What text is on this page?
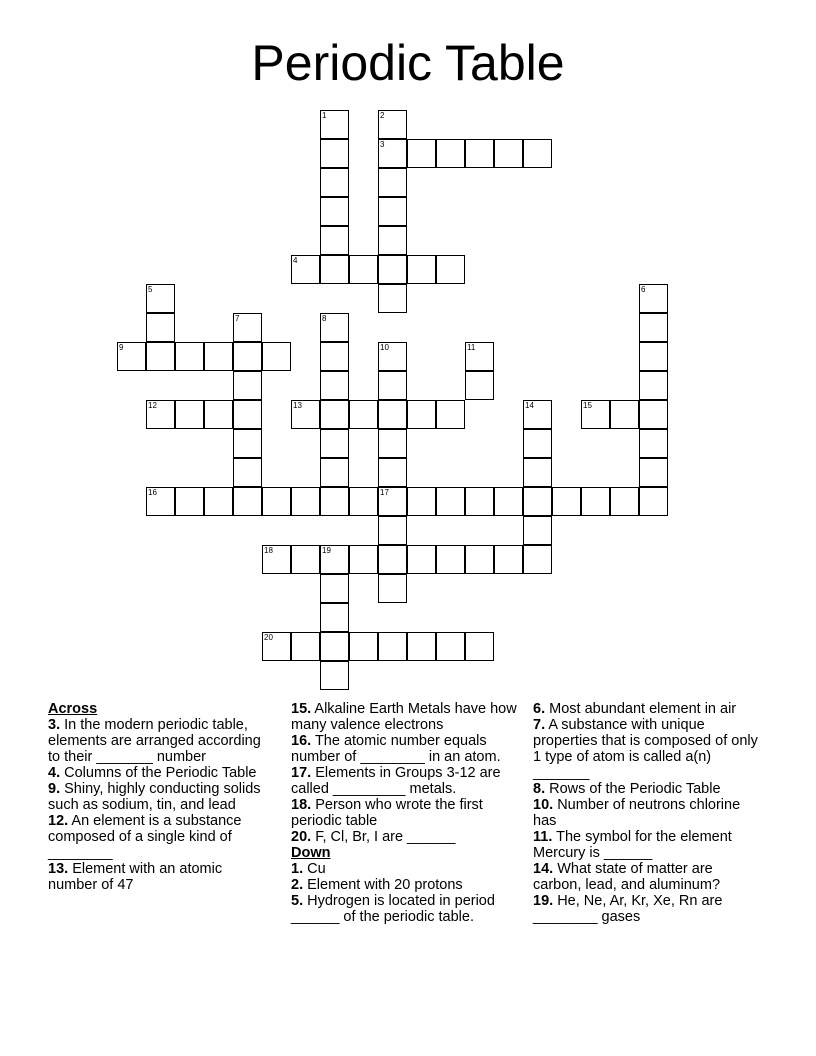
Periodic Table
1	2
3
4
5	6
7	8
9	10
17
11
12	13	14	15
16
18	19
20
Across
3. In the modern periodic table, elements are arranged according to their _______ number
4. Columns of the Periodic Table
9. Shiny, highly conducting solids such as sodium, tin, and lead
12. An element is a substance composed of a single kind of ________
13. Element with an atomic number of 47
15. Alkaline Earth Metals have how many valence electrons
16. The atomic number equals number of ________ in an atom.
17. Elements in Groups 3-12 are called _________ metals.
18. Person who wrote the first periodic table
20. F, Cl, Br, I are ______
Down
1. Cu
2. Element with 20 protons
5. Hydrogen is located in period ______ of the periodic table.
6. Most abundant element in air
7. A substance with unique properties that is composed of only 1 type of atom is called a(n) _______
8. Rows of the Periodic Table
10. Number of neutrons chlorine has
11. The symbol for the element Mercury is ______
14. What state of matter are carbon, lead, and aluminum?
19. He, Ne, Ar, Kr, Xe, Rn are ________ gases
